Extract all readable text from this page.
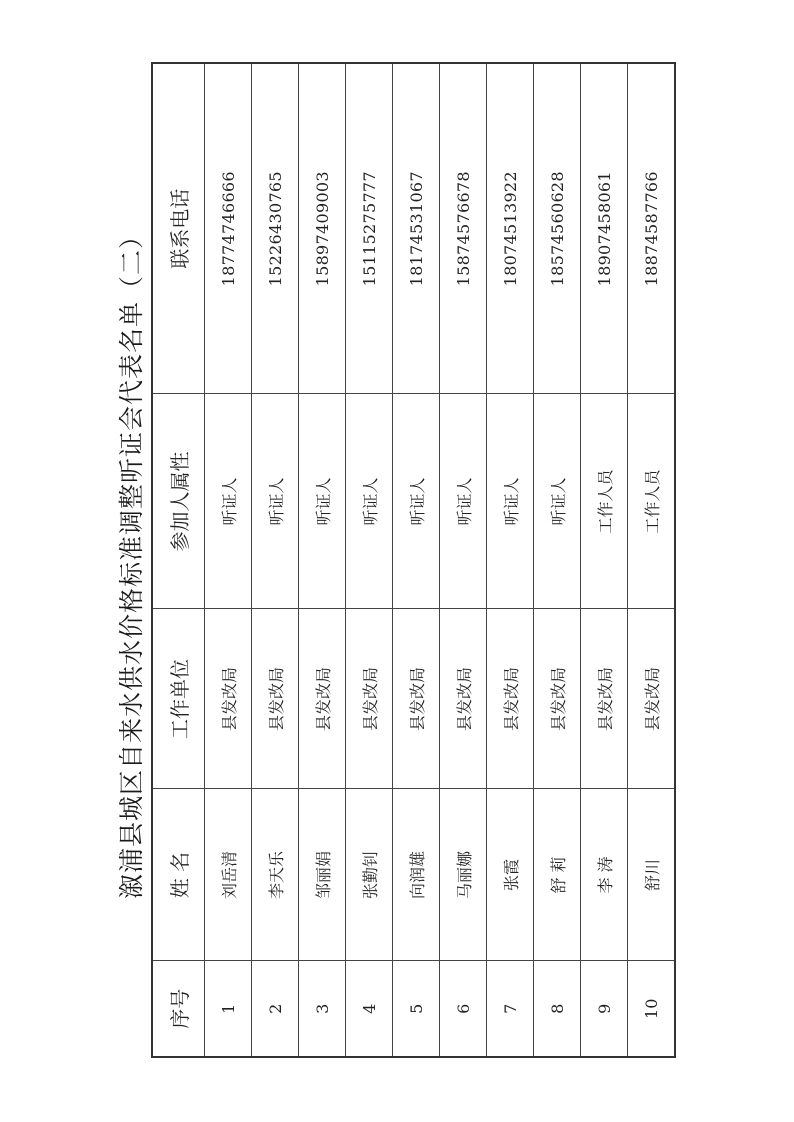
溆浦县城区自来水供水价格标准调整听证会代表名单（二）
序号	姓 名	工作单位	参加人属性	联系电话
1	刘岳清	县发改局	听证人	18774746666
2	李天乐	县发改局	听证人	15226430765
3	邹丽娟	县发改局	听证人	15897409003
4	张勤钊	县发改局	听证人	15115275777
5	向润雄	县发改局	听证人	18174531067
6	马丽娜	县发改局	听证人	15874576678
7	张霞	县发改局	听证人	18074513922
8	舒 莉	县发改局	听证人	18574560628
9	李 涛	县发改局	工作人员	18907458061
10	舒川	县发改局	工作人员	18874587766
